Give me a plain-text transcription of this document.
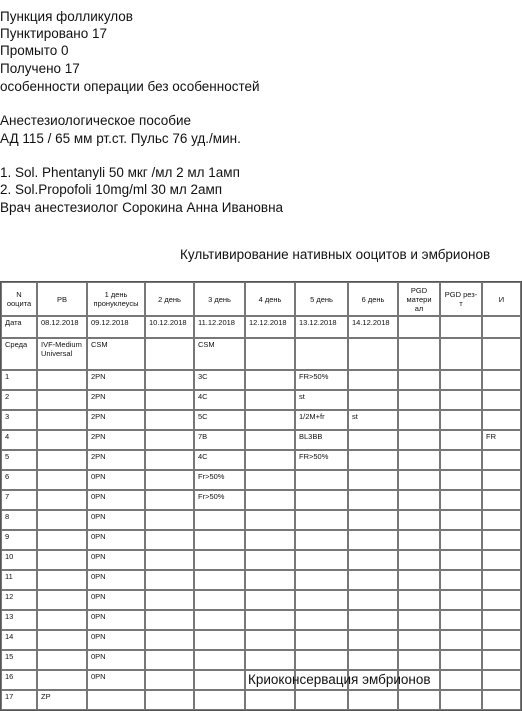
Пункция фолликулов
Пунктировано 17
Промыто 0
Получено 17
особенности операции без особенностей
Анестезиологическое пособие
АД 115 / 65 мм рт.ст. Пульс 76 уд./мин.
1. Sol. Phentanyli 50 мкг /мл 2 мл 1амп
2. Sol.Propofoli 10mg/ml 30 мл 2амп
Врач анестезиолог Сорокина Анна Ивановна
Культивирование нативных ооцитов и эмбрионов
N ооцита	PB	1 день пронуклеусы	2 день	3 день	4 день	5 день	6 день	PGD матери ал	PGD рез-т	И
Дата	08.12.2018	09.12.2018	10.12.2018	11.12.2018	12.12.2018	13.12.2018	14.12.2018			
Среда	IVF-Medium Universal	CSM		CSM						
1		2PN		3C		FR>50%				
2		2PN		4C		st				
3		2PN		5C		1/2M+fr	st			
4		2PN		7B		BL3BB				FR
5		2PN		4C		FR>50%				
6		0PN		Fr>50%						
7		0PN		Fr>50%						
8		0PN								
9		0PN								
10		0PN								
11		0PN								
12		0PN								
13		0PN								
14		0PN								
15		0PN								
16		0PN								
17	ZP									
Криоконсервация эмбрионов
